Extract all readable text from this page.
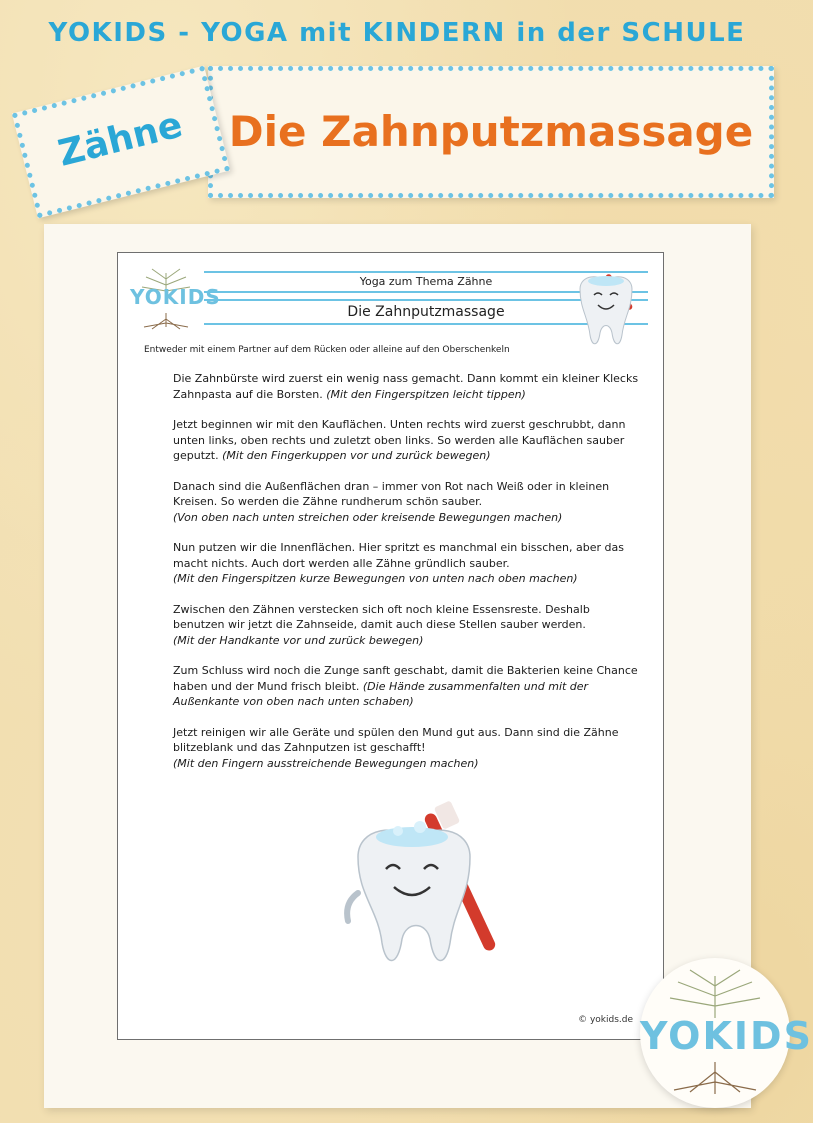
YOKIDS - YOGA mit KINDERN in der SCHULE
Die Zahnputzmassage
Zähne
YOKIDS
Yoga zum Thema Zähne
Die Zahnputzmassage
Entweder mit einem Partner auf dem Rücken oder alleine auf den Oberschenkeln

Die Zahnbürste wird zuerst ein wenig nass gemacht. Dann kommt ein kleiner Klecks Zahnpasta auf die Borsten. (Mit den Fingerspitzen leicht tippen)

Jetzt beginnen wir mit den Kauflächen. Unten rechts wird zuerst geschrubbt, dann unten links, oben rechts und zuletzt oben links. So werden alle Kauflächen sauber geputzt. (Mit den Fingerkuppen vor und zurück bewegen)

Danach sind die Außenflächen dran – immer von Rot nach Weiß oder in kleinen Kreisen. So werden die Zähne rundherum schön sauber.
(Von oben nach unten streichen oder kreisende Bewegungen machen)

Nun putzen wir die Innenflächen. Hier spritzt es manchmal ein bisschen, aber das macht nichts. Auch dort werden alle Zähne gründlich sauber.
(Mit den Fingerspitzen kurze Bewegungen von unten nach oben machen)

Zwischen den Zähnen verstecken sich oft noch kleine Essensreste. Deshalb benutzen wir jetzt die Zahnseide, damit auch diese Stellen sauber werden.
(Mit der Handkante vor und zurück bewegen)

Zum Schluss wird noch die Zunge sanft geschabt, damit die Bakterien keine Chance haben und der Mund frisch bleibt. (Die Hände zusammenfalten und mit der Außenkante von oben nach unten schaben)

Jetzt reinigen wir alle Geräte und spülen den Mund gut aus. Dann sind die Zähne blitzeblank und das Zahnputzen ist geschafft!
(Mit den Fingern ausstreichende Bewegungen machen)

© yokids.de YOKIDS
